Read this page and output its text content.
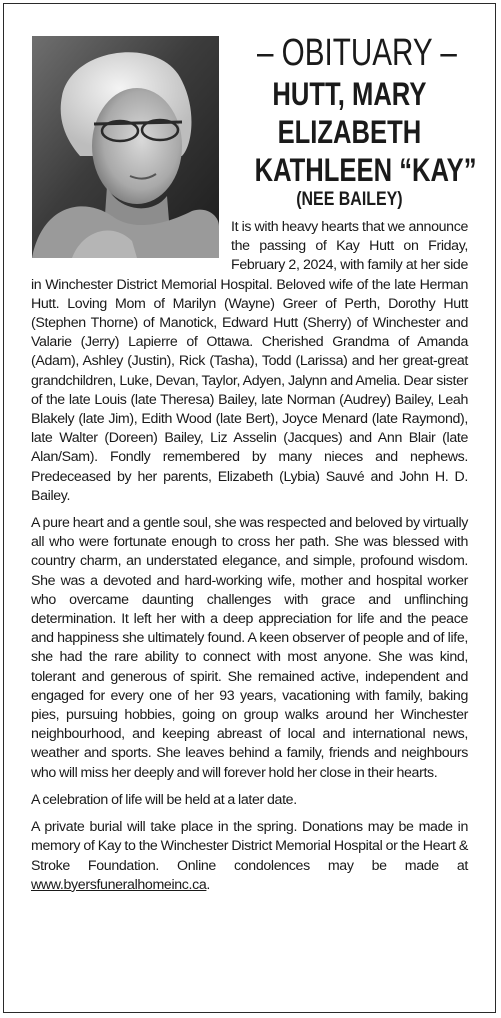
– OBITUARY –
HUTT, MARY
ELIZABETH
KATHLEEN “KAY”
(NEE BAILEY)

It is with heavy hearts that we announce the passing of Kay Hutt on Friday, February 2, 2024, with family at her side in Winchester District Memorial Hospital. Beloved wife of the late Herman Hutt. Loving Mom of Marilyn (Wayne) Greer of Perth, Dorothy Hutt (Stephen Thorne) of Manotick, Edward Hutt (Sherry) of Winchester and Valarie (Jerry) Lapierre of Ottawa. Cherished Grandma of Amanda (Adam), Ashley (Justin), Rick (Tasha), Todd (Larissa) and her great-great grandchildren, Luke, Devan, Taylor, Adyen, Jalynn and Amelia. Dear sister of the late Louis (late Theresa) Bailey, late Norman (Audrey) Bailey, Leah Blakely (late Jim), Edith Wood (late Bert), Joyce Menard (late Raymond), late Walter (Doreen) Bailey, Liz Asselin (Jacques) and Ann Blair (late Alan/Sam). Fondly remembered by many nieces and nephews. Predeceased by her parents, Elizabeth (Lybia) Sauvé and John H. D. Bailey.

A pure heart and a gentle soul, she was respected and beloved by virtually all who were fortunate enough to cross her path. She was blessed with country charm, an understated elegance, and simple, profound wisdom. She was a devoted and hard-working wife, mother and hospital worker who overcame daunting challenges with grace and unflinching determination. It left her with a deep appreciation for life and the peace and happiness she ultimately found. A keen observer of people and of life, she had the rare ability to connect with most anyone. She was kind, tolerant and generous of spirit. She remained active, independent and engaged for every one of her 93 years, vacationing with family, baking pies, pursuing hobbies, going on group walks around her Winchester neighbourhood, and keeping abreast of local and international news, weather and sports. She leaves behind a family, friends and neighbours who will miss her deeply and will forever hold her close in their hearts.

A celebration of life will be held at a later date.

A private burial will take place in the spring. Donations may be made in memory of Kay to the Winchester District Memorial Hospital or the Heart & Stroke Foundation. Online condolences may be made at www.byersfuneralhomeinc.ca.
